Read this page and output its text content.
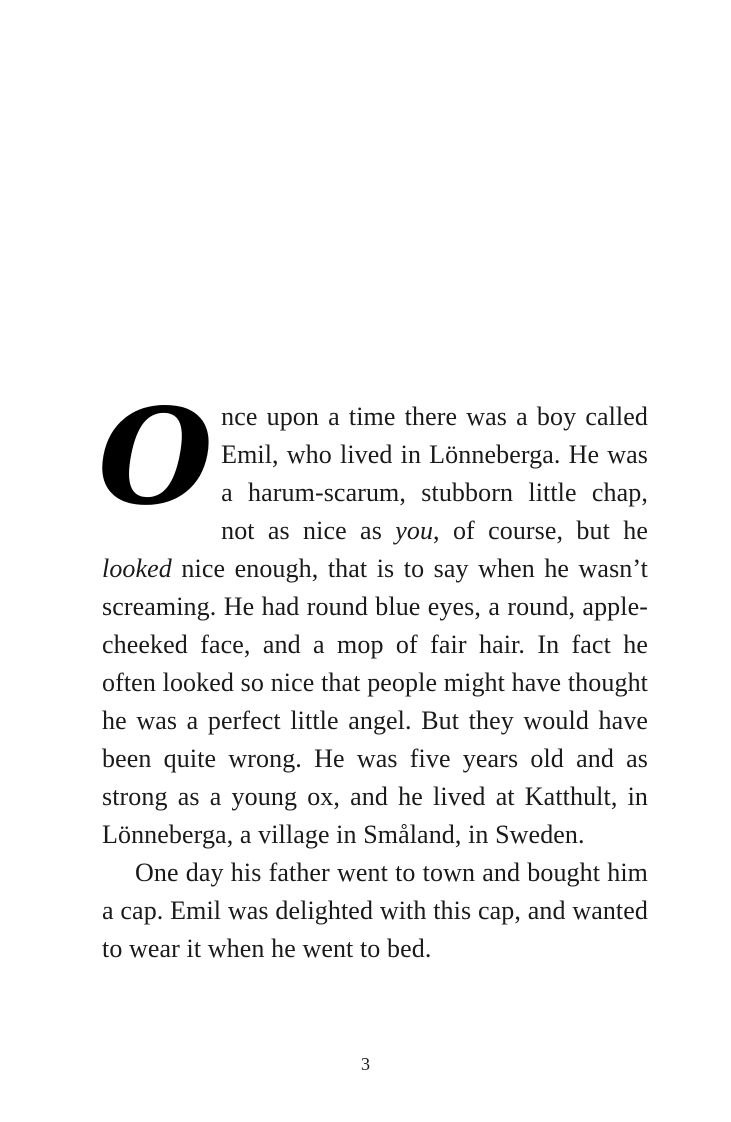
Once upon a time there was a boy called Emil, who lived in Lönneberga. He was a harum-scarum, stubborn little chap, not as nice as you, of course, but he looked nice enough, that is to say when he wasn’t screaming. He had round blue eyes, a round, apple-cheeked face, and a mop of fair hair. In fact he often looked so nice that people might have thought he was a perfect little angel. But they would have been quite wrong. He was five years old and as strong as a young ox, and he lived at Katthult, in Lönneberga, a village in Småland, in Sweden.

One day his father went to town and bought him a cap. Emil was delighted with this cap, and wanted to wear it when he went to bed.

3
